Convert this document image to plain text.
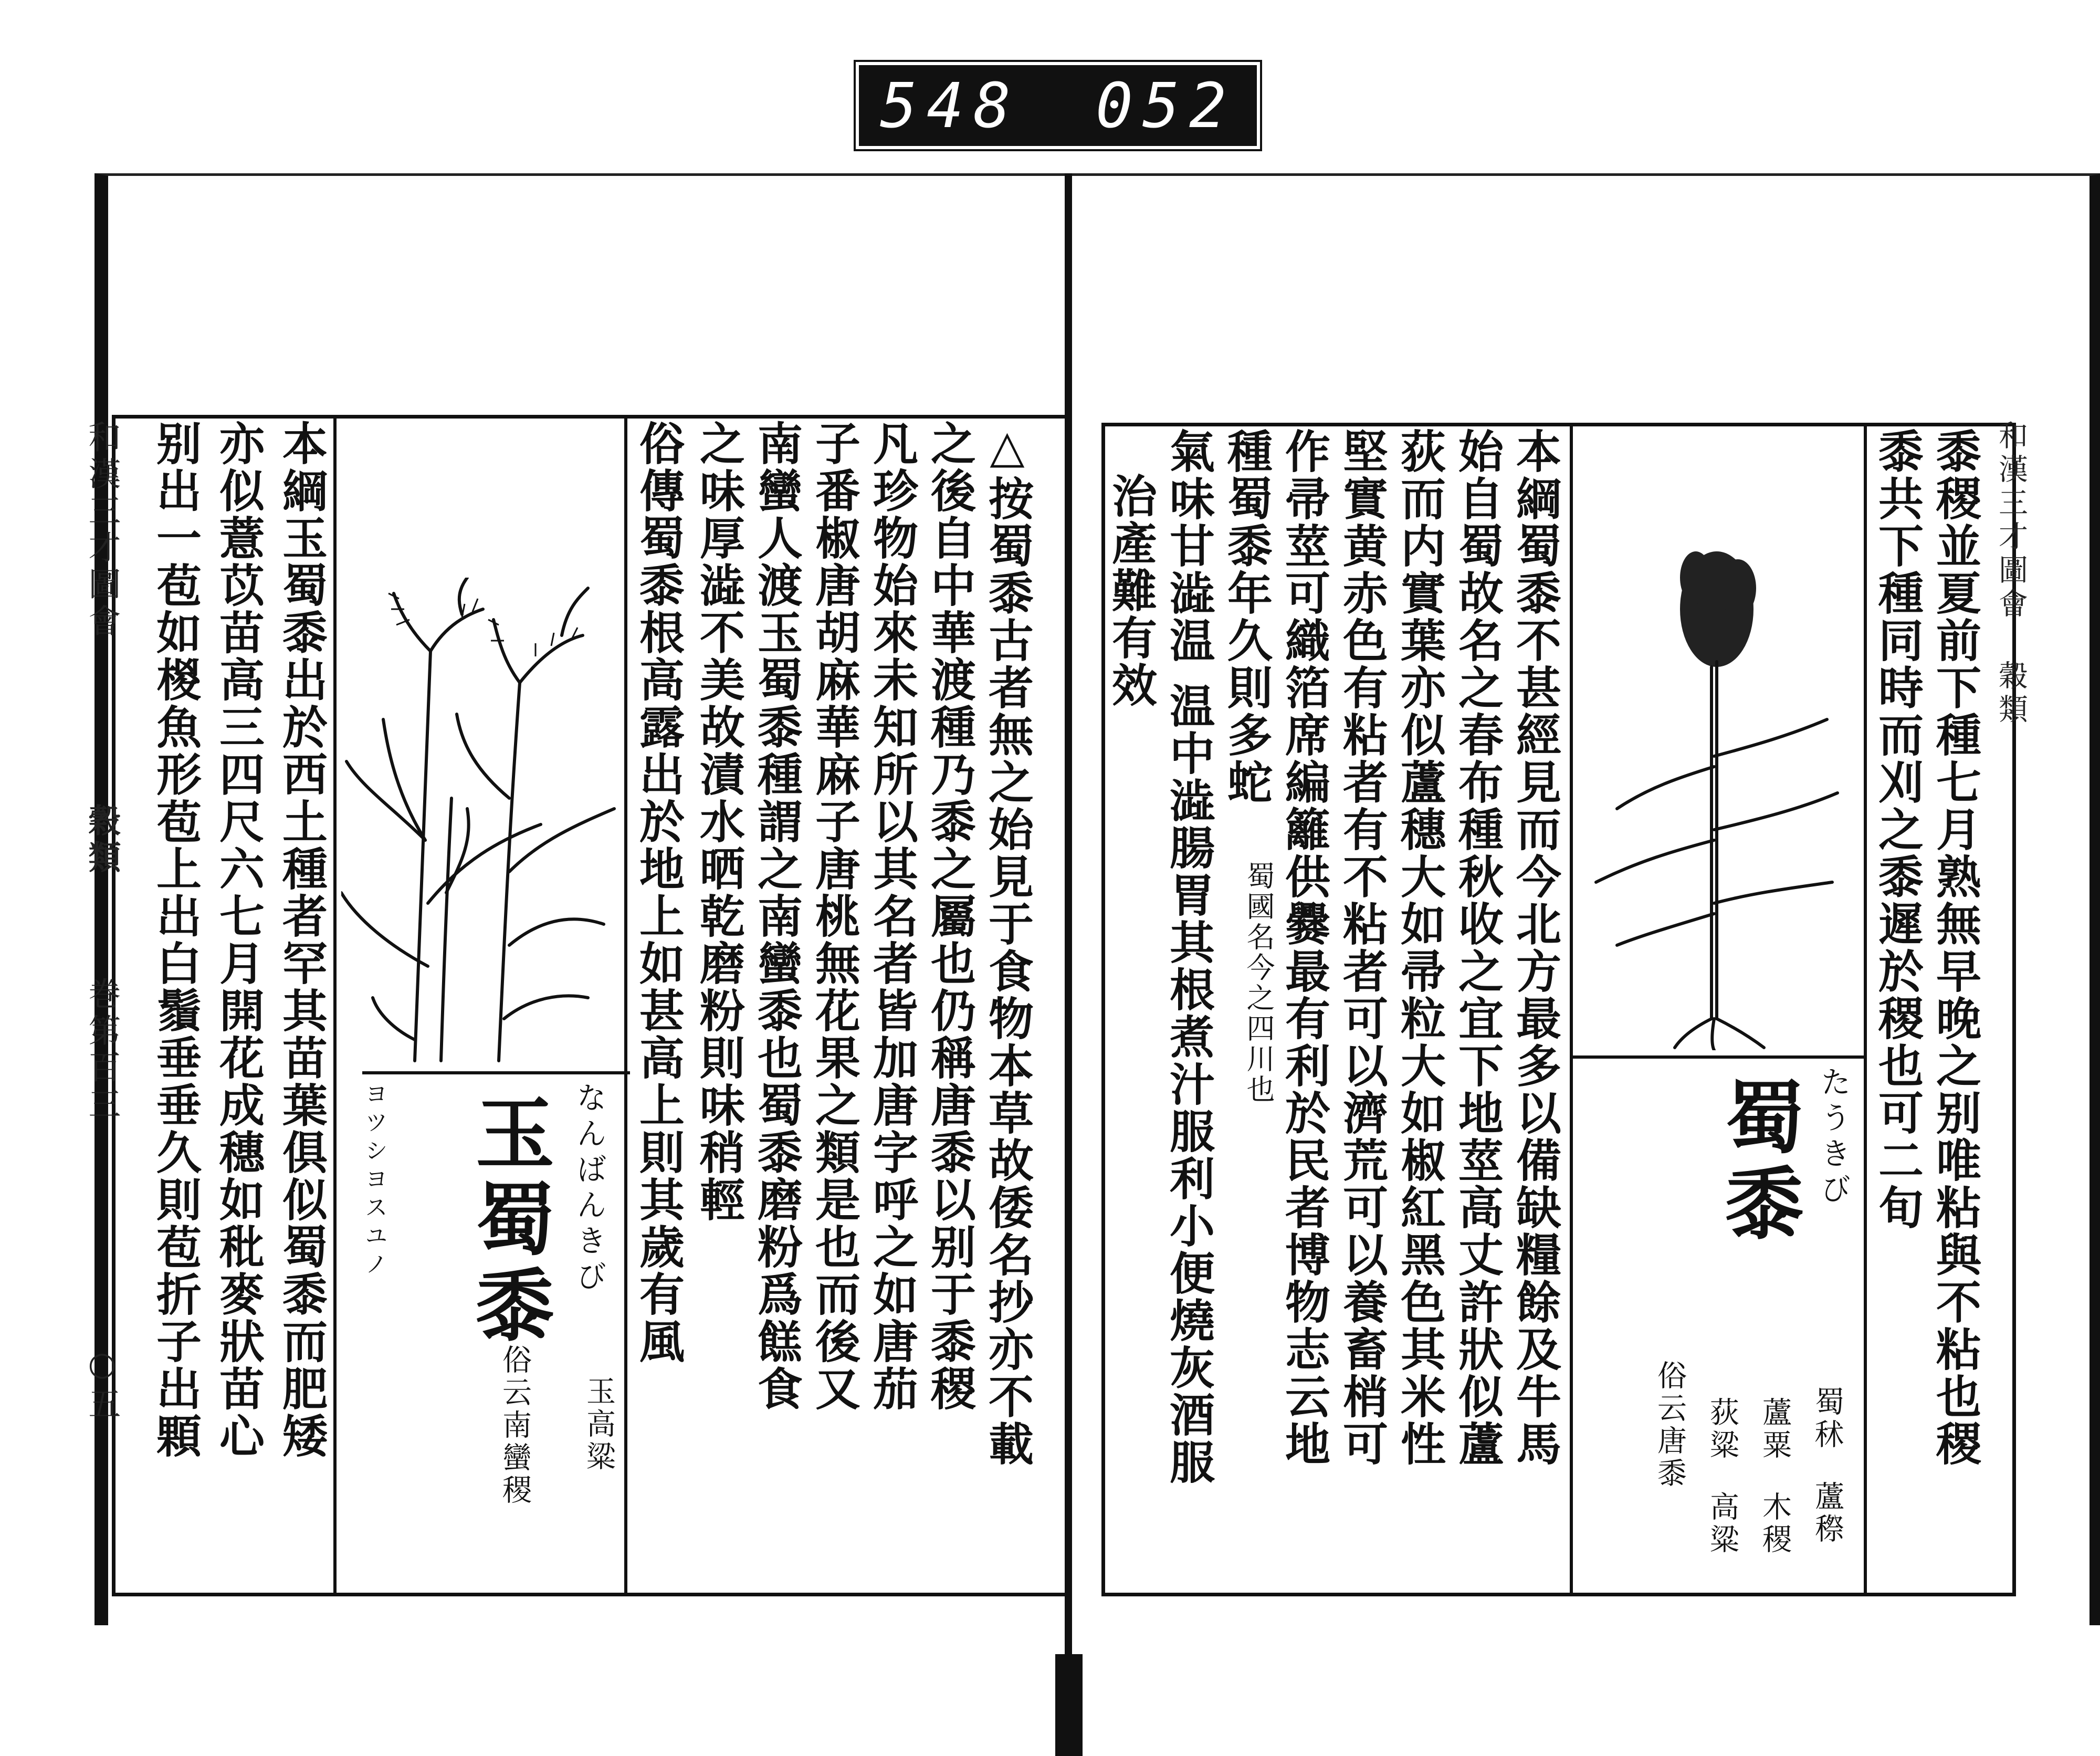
548 052
和漢三才圖會
穀類
巻第百三
○五	本綱玉蜀黍出於西土種者罕其苗葉俱似蜀黍而肥矮
亦似薏苡苗高三四尺六七月開花成穗如秕麥狀苗心
别出一苞如椶魚形苞上出白鬚垂垂久則苞折子出顆	玉蜀黍 なんばんきび
ヨツシヨスユノ
玉高粱
俗云南蠻稷	△按蜀黍古者無之始見于食物本草故倭名抄亦不載
之後自中華渡種乃黍之屬也仍稱唐黍以别于黍稷
凡珍物始來未知所以其名者皆加唐字呼之如唐茄
子番椒唐胡麻華麻子唐桃無花果之類是也而後又
南蠻人渡玉蜀黍種謂之南蠻黍也蜀黍磨粉爲餻食
之味厚澁不美故漬水晒乾磨粉則味稍輕
俗傳蜀黍根高露出於地上如甚高上則其歲有風	黍稷並夏前下種七月熟無早晚之别唯粘與不粘也稷
黍共下種同時而刈之黍遲於稷也可二旬
蜀黍 たうきび
蜀秫
蘆穄
蘆粟
木稷
荻粱
高粱
俗云唐黍
本綱蜀黍不甚經見而今北方最多以備缺糧餘及牛馬
始自蜀故名之春布種秋收之宜下地莖高丈許狀似蘆
荻而内實葉亦似蘆穗大如帚粒大如椒紅黑色其米性
堅實黄赤色有粘者有不粘者可以濟荒可以養畜梢可
作帚莖可織箔席編籬供爨最有利於民者博物志云地
種蜀黍年久則多蛇
蜀國名今之四川也
氣味甘澁温
温中澁腸胃其根煮汁服利小便燒灰酒服
治產難有效	和漢三才圖會 穀類
